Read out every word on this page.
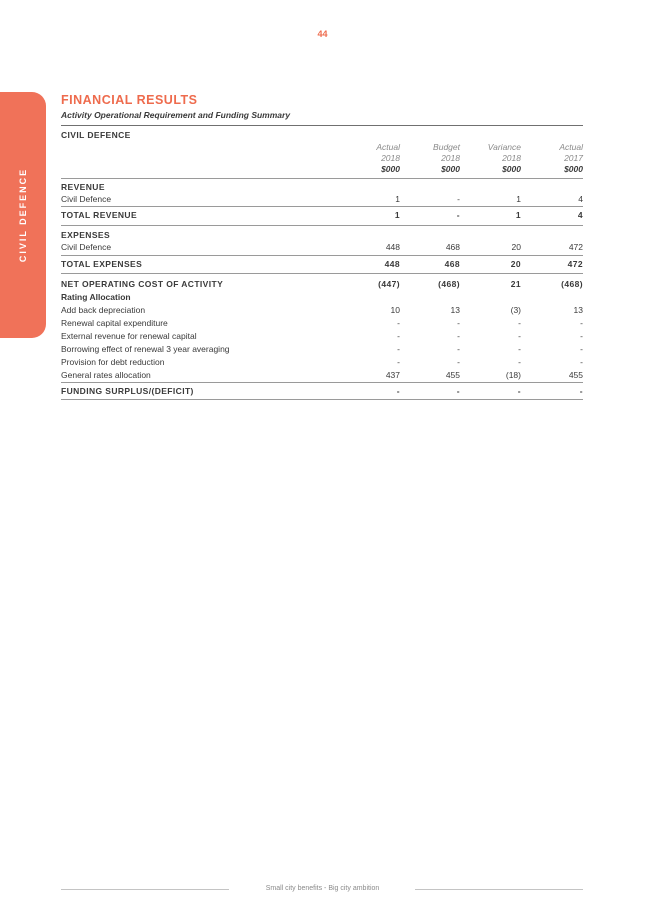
44
CIVIL DEFENCE
FINANCIAL RESULTS
Activity Operational Requirement and Funding Summary
CIVIL DEFENCE
Actual	Budget	Variance	Actual
2018	2018	2018	2017
$000	$000	$000	$000
REVENUE
Civil Defence	1	-	1	4
TOTAL REVENUE	1	-	1	4
EXPENSES
Civil Defence	448	468	20	472
TOTAL EXPENSES	448	468	20	472
NET OPERATING COST OF ACTIVITY	(447)	(468)	21	(468)
Rating Allocation
Add back depreciation	10	13	(3)	13
Renewal capital expenditure	-	-	-	-
External revenue for renewal capital	-	-	-	-
Borrowing effect of renewal 3 year averaging	-	-	-	-
Provision for debt reduction	-	-	-	-
General rates allocation	437	455	(18)	455
FUNDING SURPLUS/(DEFICIT)	-	-	-	-
Small city benefits - Big city ambition
